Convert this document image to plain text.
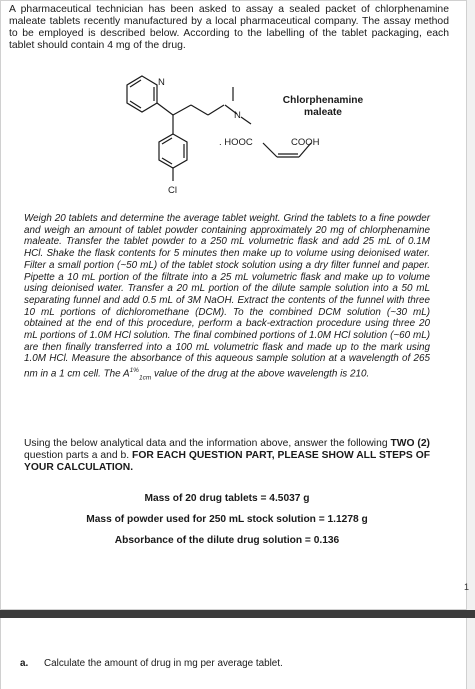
A pharmaceutical technician has been asked to assay a sealed packet of chlorphenamine maleate tablets recently manufactured by a local pharmaceutical company. The assay method to be employed is described below. According to the labelling of the tablet packaging, each tablet should contain 4 mg of the drug.

N
N
Cl
. HOOC	COOH
Chlorphenamine
maleate

Weigh 20 tablets and determine the average tablet weight. Grind the tablets to a fine powder and weigh an amount of tablet powder containing approximately 20 mg of chlorphenamine maleate. Transfer the tablet powder to a 250 mL volumetric flask and add 25 mL of 0.1M HCl. Shake the flask contents for 5 minutes then make up to volume using deionised water. Filter a small portion (~50 mL) of the tablet stock solution using a dry filter funnel and paper. Pipette a 10 mL portion of the filtrate into a 25 mL volumetric flask and make up to volume using deionised water. Transfer a 20 mL portion of the dilute sample solution into a 50 mL separating funnel and add 0.5 mL of 3M NaOH. Extract the contents of the funnel with three 10 mL portions of dichloromethane (DCM). To the combined DCM solution (~30 mL) obtained at the end of this procedure, perform a back-extraction procedure using three 20 mL portions of 1.0M HCl solution. The final combined portions of 1.0M HCl solution (~60 mL) are then finally transferred into a 100 mL volumetric flask and made up to the mark using 1.0M HCl. Measure the absorbance of this aqueous sample solution at a wavelength of 265 nm in a 1 cm cell. The $A^{1\%}_{1cm}$ value of the drug at the above wavelength is 210.

Using the below analytical data and the information above, answer the following TWO (2) question parts a and b. FOR EACH QUESTION PART, PLEASE SHOW ALL STEPS OF YOUR CALCULATION.

Mass of 20 drug tablets = 4.5037 g
Mass of powder used for 250 mL stock solution = 1.1278 g
Absorbance of the dilute drug solution = 0.136
1
a. Calculate the amount of drug in mg per average tablet.
